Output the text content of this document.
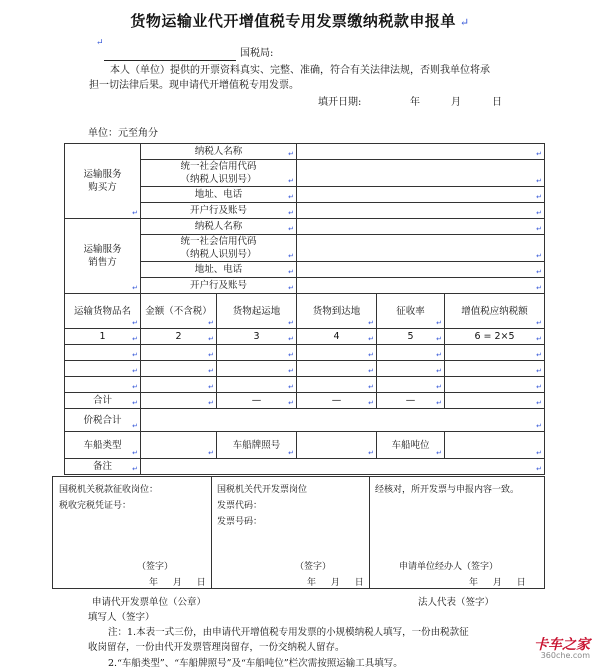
货物运输业代开增值税专用发票缴纳税款申报单 ↵
↵
国税局:
本人（单位）提供的开票资料真实、完整、准确，符合有关法律法规，否则我单位将承
担一切法律后果。现申请代开增值税专用发票。
填开日期:	年	月	日
单位：元至角分
运输服务
购买方
↵	纳税人名称 ↵	↵

	统一社会信用代码
（纳税人识别号）
↵	↵
	地址、电话 ↵	↵
	开户行及账号 ↵	↵

运输服务
销售方
↵	纳税人名称 ↵	↵

	统一社会信用代码
（纳税人识别号）
↵	↵
	地址、电话 ↵	↵
	开户行及账号 ↵	↵
运输货物品名 ↵	金额（不含税） ↵	货物起运地 ↵	货物到达地 ↵	征收率 ↵	增值税应纳税额 ↵
1 ↵	2 ↵	3 ↵	4 ↵	5 ↵	6 = 2×5 ↵
↵	↵	↵	↵	↵	↵
↵	↵	↵	↵	↵	↵
↵	↵	↵	↵	↵	↵
合计 ↵	↵	— ↵	— ↵	— ↵	↵
价税合计 ↵	↵
车船类型 ↵	↵	车船牌照号 ↵	↵	车船吨位 ↵	↵
备注 ↵	↵
国税机关税款征收岗位：
税收完税凭证号：
（签字）
年 月 日
国税机关代开发票岗位
发票代码：
发票号码：
（签字）
年 月 日
经核对，所开发票与申报内容一致。
申请单位经办人（签字）
年 月 日
申请代开发票单位（公章）	法人代表（签字）
填写人（签字）
注：1.本表一式三份，由申请代开增值税专用发票的小规模纳税人填写，一份由税款征
收岗留存，一份由代开发票管理岗留存，一份交纳税人留存。
2.“车船类型”、“车船牌照号”及“车船吨位”栏次需按照运输工具填写。
卡车之家
360che.com
